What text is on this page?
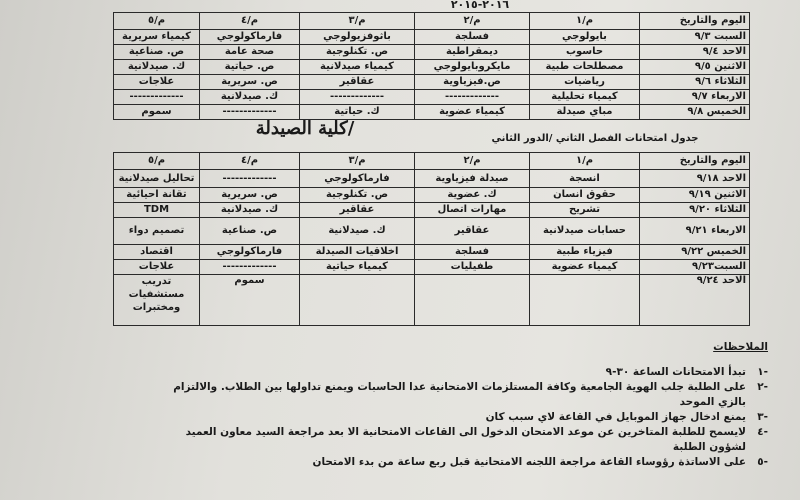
٢٠١٦-٢٠١٥
اليوم والتاريخ	م/١	م/٢	م/٣	م/٤	م/٥
السبت ٩/٣	بايولوجي	فسلجة	باثوفزيولوجي	فارماكولوجي	كيمياء سريرية
الاحد ٩/٤	حاسوب	ديمقراطية	ص. تكنلوجية	صحة عامة	ص. صناعية
الاثنين ٩/٥	مصطلحات طبية	مايكروبايولوجي	كيمياء صيدلانية	ص. حياتية	ك. صيدلانية
الثلاثاء ٩/٦	رياضيات	ص.فيزياوية	عقاقير	ص. سريرية	علاجات
الاربعاء ٩/٧	كيمياء تحليلية	-------------	-------------	ك. صيدلانية	-------------
الخميس ٩/٨	مباي صيدلة	كيمياء عضوية	ك. حياتية	-------------	سموم
/كلية الصيدلة	جدول امتحانات الفصل الثاني /الدور الثاني
اليوم والتاريخ	م/١	م/٢	م/٣	م/٤	م/٥
الاحد ٩/١٨	انسجة	صيدلة فيزياوية	فارماكولوجي	-------------	تحاليل صيدلانية
الاثنين ٩/١٩	حقوق انسان	ك. عضوية	ص. تكنلوجية	ص. سريرية	تقانة احيائية
الثلاثاء ٩/٢٠	تشريح	مهارات اتصال	عقاقير	ك. صيدلانية	TDM
الاربعاء ٩/٢١	حسابات صيدلانية	عقاقير	ك. صيدلانية	ص. صناعية	تصميم دواء
الخميس ٩/٢٢	فيزياء طبية	فسلجة	اخلاقيات الصيدلة	فارماكولوجي	اقتصاد
السبت٩/٢٣	كيمياء عضوية	طفيليات	كيمياء حياتية	-------------	علاجات
الاحد ٩/٢٤				سموم	تدريب مستشفيات ومختبرات
الملاحظات
-١تبدأ الامتحانات الساعة ٣٠-٩
-٢على الطلبة جلب الهوية الجامعية وكافة المستلزمات الامتحانية عدا الحاسبات ويمنع تداولها بين الطلاب. والالتزام
بالزي الموحد
-٣يمنع ادخال جهاز الموبايل في القاعة لاي سبب كان
-٤لايسمح للطلبة المتاخرين عن موعد الامتحان الدخول الى القاعات الامتحانية الا بعد مراجعة السيد معاون العميد
لشؤون الطلبة
-٥على الاساتذة رؤوساء القاعة مراجعة اللجنه الامتحانية قبل ربع ساعة من بدء الامتحان
